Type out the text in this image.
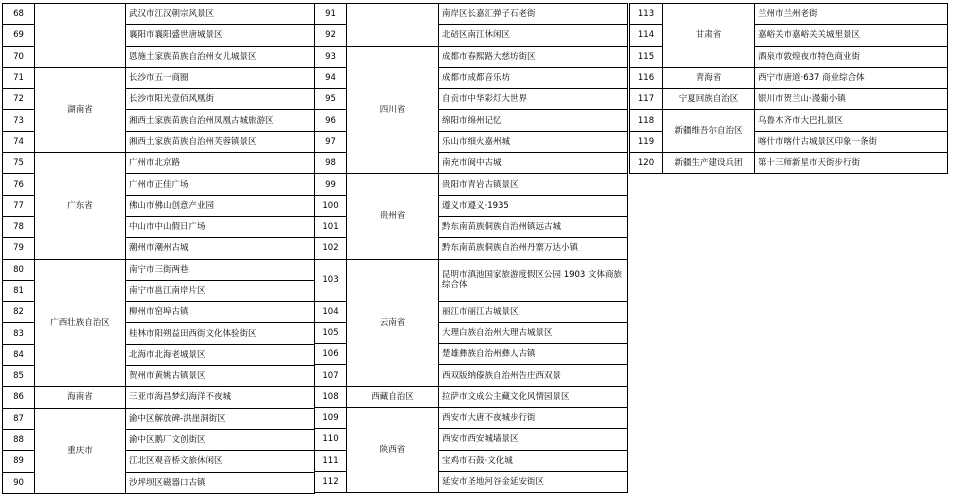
68		武汉市江汉朝宗风景区
69		襄阳市襄阳盛世唐城景区
70		恩施土家族苗族自治州女儿城景区
71	湖南省	长沙市五一商圈
72		长沙市阳光壹佰风凰街
73		湘西土家族苗族自治州凤凰古城旅游区
74		湘西土家族苗族自治州芙蓉镇景区
75	广东省	广州市北京路
76		广州市正佳广场
77		佛山市佛山创意产业园
78		中山市中山假日广场
79		潮州市潮州古城
80	广西壮族自治区	南宁市三街两巷
81		南宁市邕江南岸片区
82		柳州市窑埠古镇
83		桂林市阳朔益田西街文化体验街区
84		北海市北海老城景区
85		贺州市黄姚古镇景区
86	海南省	三亚市海昌梦幻海洋不夜城
87	重庆市	渝中区解放碑-洪崖洞街区
88		渝中区鹅厂文创街区
89		江北区观音桥文旅休闲区
90		沙坪坝区磁器口古镇
91		南岸区长嘉汇弹子石老街
92		北碚区南江休闲区
93	四川省	成都市春熙路大慈坊街区
94		成都市成都音乐坊
95		自贡市中华彩灯大世界
96		绵阳市绵州记忆
97		乐山市细火嘉州城
98		南充市阆中古城
99	贵州省	贵阳市青岩古镇景区
100		遵义市遵义·1935
101		黔东南苗族侗族自治州镇远古城
102		黔东南苗族侗族自治州丹寨万达小镇
103	云南省	昆明市滇池国家旅游度假区公园 1903 文体商旅综合体
104		丽江市丽江古城景区
105		大理白族自治州大理古城景区
106		楚雄彝族自治州彝人古镇
107		西双版纳傣族自治州告庄西双景
108	西藏自治区	拉萨市文成公主藏文化风情园景区
109	陕西省	西安市大唐不夜城步行街
110		西安市西安城墙景区
111		宝鸡市石鼓·文化城
112		延安市圣地河谷金延安街区
113	甘肃省	兰州市兰州老街
114		嘉峪关市嘉峪关关城里景区
115		酒泉市敦煌夜市特色商业街
116	青海省	西宁市唐道·637 商业综合体
117	宁夏回族自治区	银川市贺兰山·漫葡小镇
118	新疆维吾尔自治区	乌鲁木齐市大巴扎景区
119		喀什市喀什古城景区印象一条街
120	新疆生产建设兵团	第十三师新星市天街步行街
